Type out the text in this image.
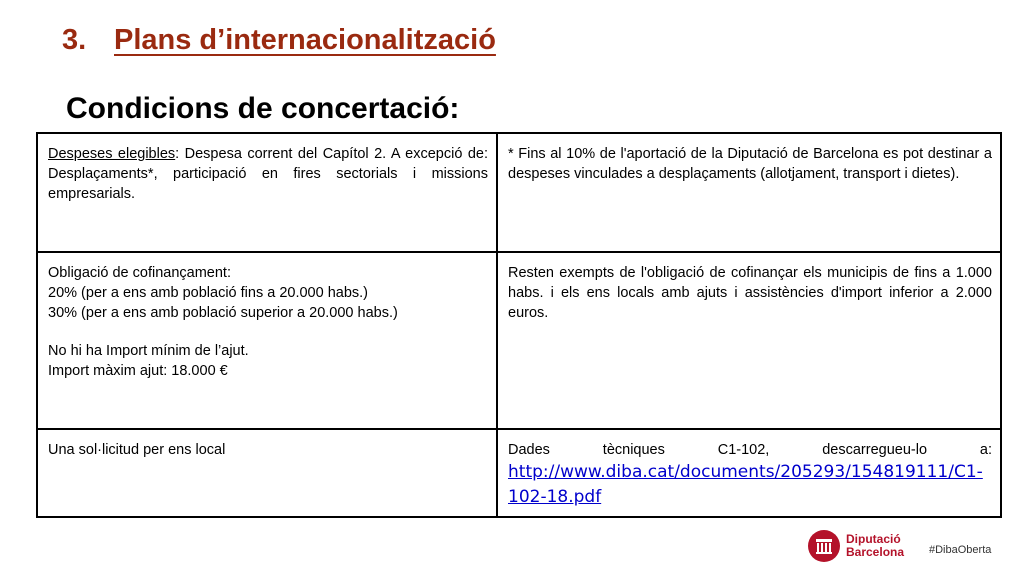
3. Plans d’internacionalització
Condicions de concertació:
Despeses elegibles: Despesa corrent del Capítol 2. A excepció de: Desplaçaments*, participació en fires sectorials i missions empresarials.	* Fins al 10% de l'aportació de la Diputació de Barcelona es pot destinar a despeses vinculades a desplaçaments (allotjament, transport i dietes).

Obligació de cofinançament:
20% (per a ens amb població fins a 20.000 habs.)
30% (per a ens amb població superior a 20.000 habs.)
No hi ha Import mínim de l’ajut.
Import màxim ajut: 18.000 €	Resten exempts de l'obligació de cofinançar els municipis de fins a 1.000 habs. i els ens locals amb ajuts i assistències d'import inferior a 2.000 euros.
Una sol·licitud per ens local	Dades tècniques C1-102, descarregueu-lo a:
http://www.diba.cat/documents/205293/154819111/C1-102-18.pdf
Diputació
Barcelona #DibaOberta
